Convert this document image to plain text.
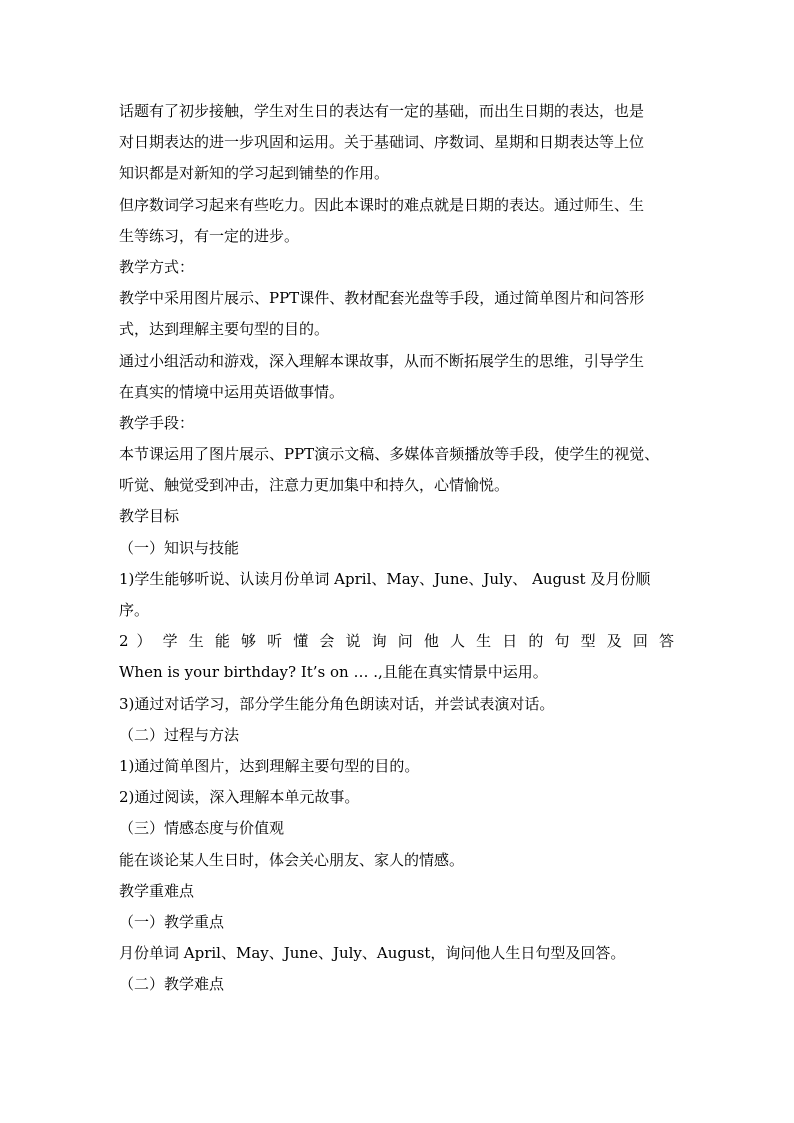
话题有了初步接触，学生对生日的表达有一定的基础，而出生日期的表达，也是
对日期表达的进一步巩固和运用。关于基础词、序数词、星期和日期表达等上位
知识都是对新知的学习起到铺垫的作用。
但序数词学习起来有些吃力。因此本课时的难点就是日期的表达。通过师生、生
生等练习，有一定的进步。
教学方式：
教学中采用图片展示、PPT课件、教材配套光盘等手段，通过简单图片和问答形
式，达到理解主要句型的目的。
通过小组活动和游戏，深入理解本课故事，从而不断拓展学生的思维，引导学生
在真实的情境中运用英语做事情。
教学手段：
本节课运用了图片展示、PPT演示文稿、多媒体音频播放等手段，使学生的视觉、
听觉、触觉受到冲击，注意力更加集中和持久，心情愉悦。
教学目标
（一）知识与技能
1)学生能够听说、认读月份单词 April、May、June、July、 August 及月份顺
序。
2 ） 学 生 能 够 听 懂 会 说 询 问 他 人 生 日 的 句 型 及 回 答
When is your birthday? It’s on … .,且能在真实情景中运用。
3)通过对话学习，部分学生能分角色朗读对话，并尝试表演对话。
（二）过程与方法
1)通过简单图片，达到理解主要句型的目的。
2)通过阅读，深入理解本单元故事。
（三）情感态度与价值观
能在谈论某人生日时，体会关心朋友、家人的情感。
教学重难点
（一）教学重点
月份单词 April、May、June、July、August，询问他人生日句型及回答。
（二）教学难点
